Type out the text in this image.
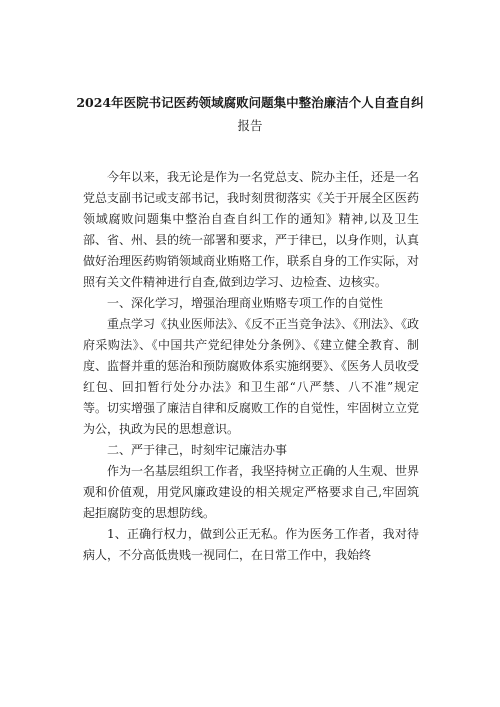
2024年医院书记医药领域腐败问题集中整治廉洁个人自查自纠
报告

今年以来，我无论是作为一名党总支、院办主任，还是一名党总支副书记或支部书记，我时刻贯彻落实《关于开展全区医药领域腐败问题集中整治自查自纠工作的通知》精神,以及卫生部、省、州、县的统一部署和要求，严于律已，以身作则，认真做好治理医药购销领域商业贿赂工作，联系自身的工作实际，对照有关文件精神进行自查,做到边学习、边检查、边核实。

一、深化学习，增强治理商业贿赂专项工作的自觉性

重点学习《执业医师法》、《反不正当竞争法》、《刑法》、《政府采购法》、《中国共产党纪律处分条例》、《建立健全教育、制度、监督并重的惩治和预防腐败体系实施纲要》、《医务人员收受红包、回扣暂行处分办法》和卫生部“八严禁、八不准”规定等。切实增强了廉洁自律和反腐败工作的自觉性，牢固树立立党为公，执政为民的思想意识。

二、严于律己，时刻牢记廉洁办事

作为一名基层组织工作者，我坚持树立正确的人生观、世界观和价值观，用党风廉政建设的相关规定严格要求自己,牢固筑起拒腐防变的思想防线。

1、正确行权力，做到公正无私。作为医务工作者，我对待病人，不分高低贵贱一视同仁，在日常工作中，我始终
